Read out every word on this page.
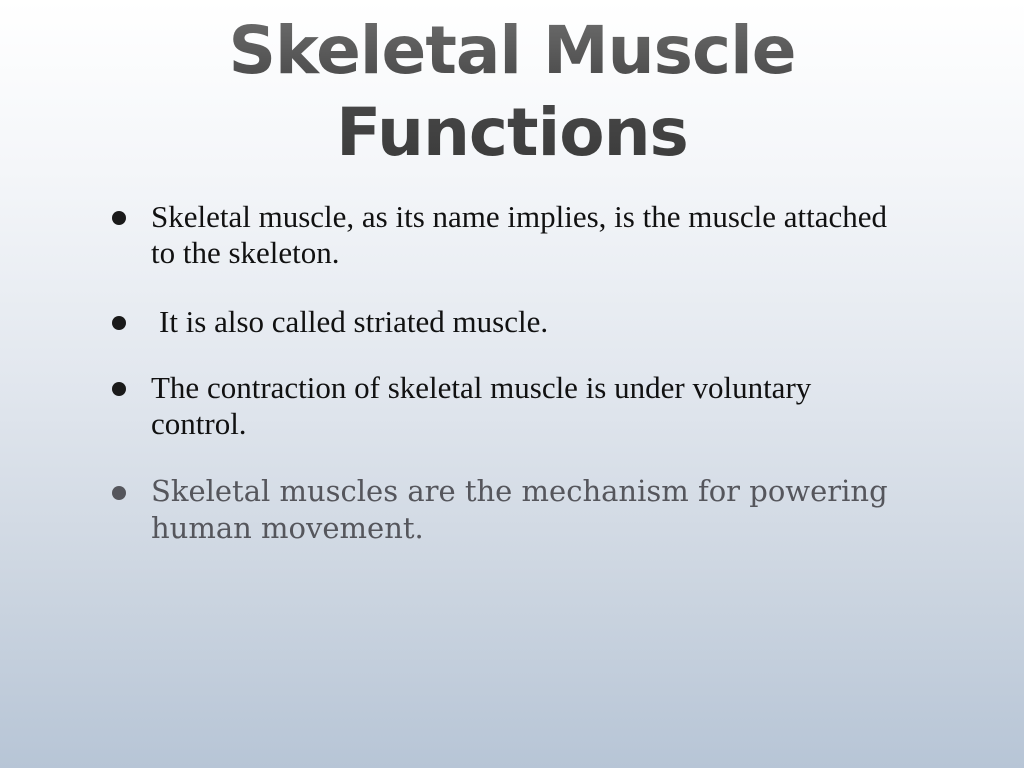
Skeletal Muscle
Functions
Skeletal muscle, as its name implies, is the muscle attached to the skeleton.
It is also called striated muscle.
The contraction of skeletal muscle is under voluntary control.
Skeletal muscles are the mechanism for powering human movement.
